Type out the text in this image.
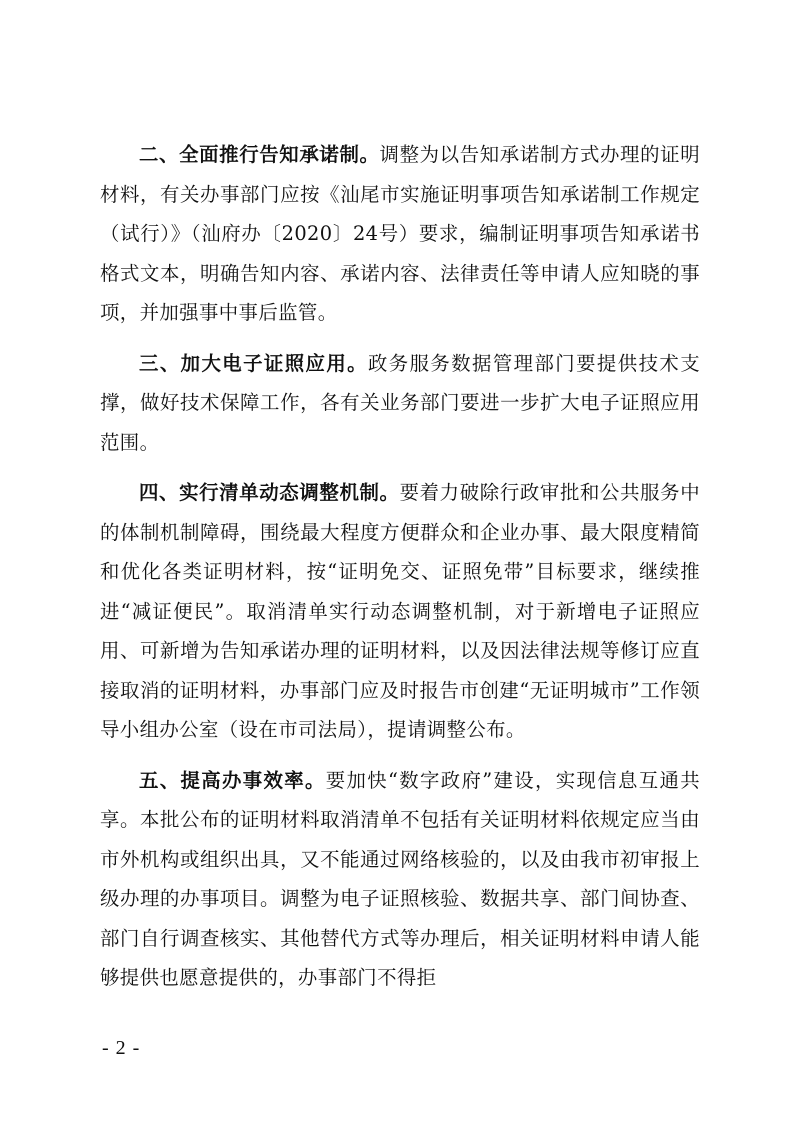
二、全面推行告知承诺制。调整为以告知承诺制方式办理的证明材料，有关办事部门应按《汕尾市实施证明事项告知承诺制工作规定（试行）》（汕府办〔2020〕24号）要求，编制证明事项告知承诺书格式文本，明确告知内容、承诺内容、法律责任等申请人应知晓的事项，并加强事中事后监管。

三、加大电子证照应用。政务服务数据管理部门要提供技术支撑，做好技术保障工作，各有关业务部门要进一步扩大电子证照应用范围。

四、实行清单动态调整机制。要着力破除行政审批和公共服务中的体制机制障碍，围绕最大程度方便群众和企业办事、最大限度精简和优化各类证明材料，按“证明免交、证照免带”目标要求，继续推进“减证便民”。取消清单实行动态调整机制，对于新增电子证照应用、可新增为告知承诺办理的证明材料，以及因法律法规等修订应直接取消的证明材料，办事部门应及时报告市创建“无证明城市”工作领导小组办公室（设在市司法局），提请调整公布。

五、提高办事效率。要加快“数字政府”建设，实现信息互通共享。本批公布的证明材料取消清单不包括有关证明材料依规定应当由市外机构或组织出具，又不能通过网络核验的，以及由我市初审报上级办理的办事项目。调整为电子证照核验、数据共享、部门间协查、部门自行调查核实、其他替代方式等办理后，相关证明材料申请人能够提供也愿意提供的，办事部门不得拒

- 2 -
